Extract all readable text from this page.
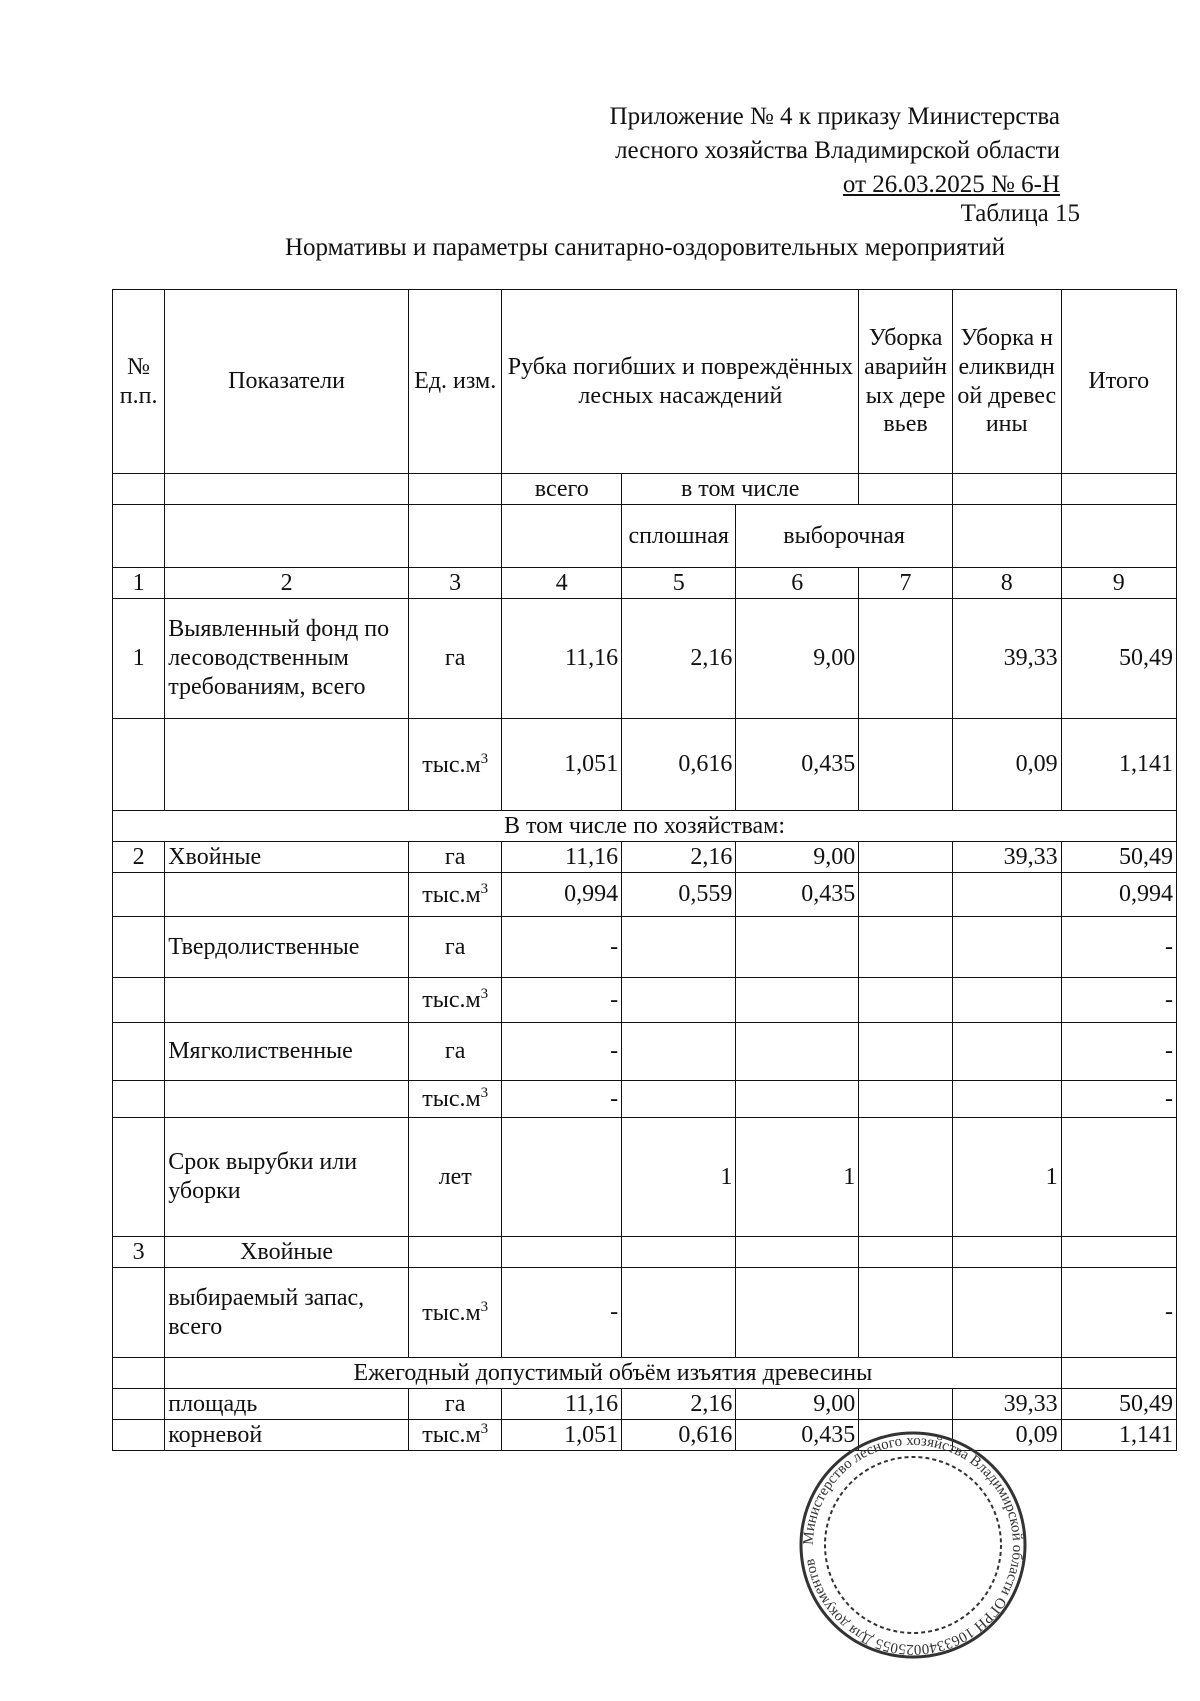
Приложение № 4 к приказу Министерства
лесного хозяйства Владимирской области
от 26.03.2025 № 6-Н
Таблица 15
Нормативы и параметры санитарно-оздоровительных мероприятий
№ п.п.	Показатели	Ед. изм.	Рубка погибших и повреждённых лесных насаждений			Уборка аварийных деревьев	Уборка неликвидной древесины	Итого
			всего	в том числе				
				сплошная	выборочная			
1	2	3	4	5	6	7	8	9
1	Выявленный фонд по лесоводственным требованиям, всего	га	11,16	2,16	9,00		39,33	50,49
		$тыс.м^3$	1,051	0,616	0,435		0,09	1,141
В том числе по хозяйствам:								
2	Хвойные	га	11,16	2,16	9,00		39,33	50,49
		$тыс.м^3$	0,994	0,559	0,435			0,994
	Твердолиственные	га	-					-
		$тыс.м^3$	-					-
	Мягколиственные	га	-					-
		$тыс.м^3$	-					-
	Срок вырубки или уборки	лет		1	1		1	
3	Хвойные							
	выбираемый запас, всего	$тыс.м^3$	-					-
	Ежегодный допустимый объём изъятия древесины							
	площадь	га	11,16	2,16	9,00		39,33	50,49
	корневой	$тыс.м^3$	1,051	0,616	0,435		0,09	1,141
Министерство лесного хозяйства Владимирской области ОГРН 1063340025055 Для документов
